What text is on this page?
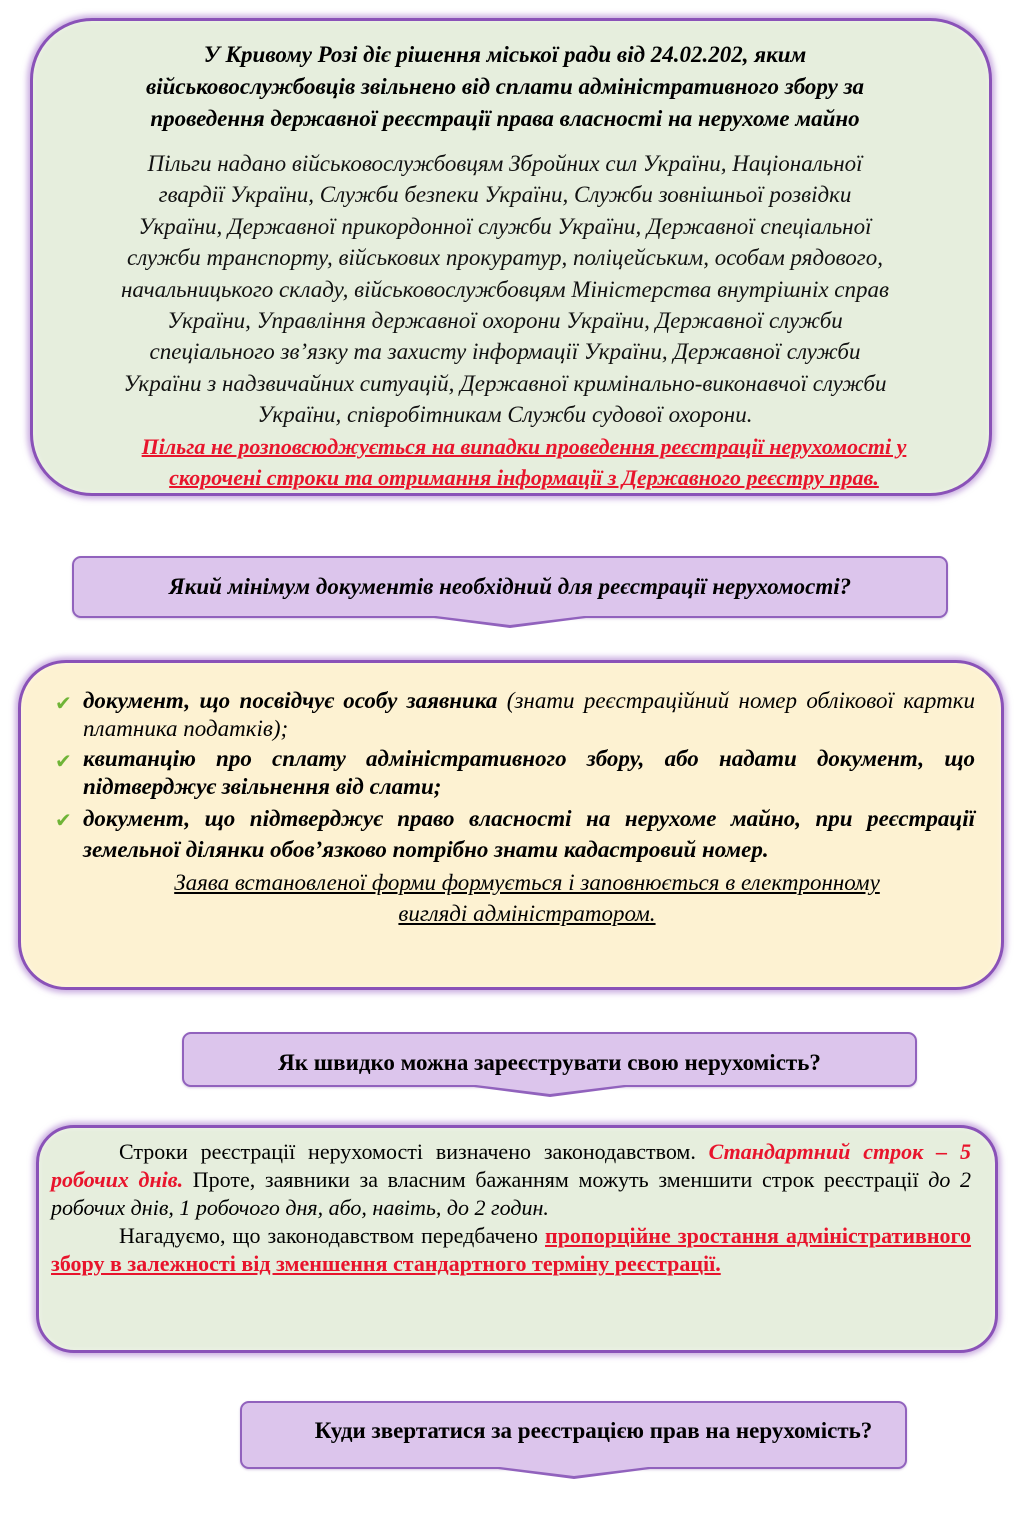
У Кривому Розі діє рішення міської ради від 24.02.202, яким
військовослужбовців звільнено від сплати адміністративного збору за
проведення державної реєстрації права власності на нерухоме майно

Пільги надано військовослужбовцям Збройних сил України, Національної
гвардії України, Служби безпеки України, Служби зовнішньої розвідки
України, Державної прикордонної служби України, Державної спеціальної
служби транспорту, військових прокуратур, поліцейським, особам рядового,
начальницького складу, військовослужбовцям Міністерства внутрішніх справ
України, Управління державної охорони України, Державної служби
спеціального зв’язку та захисту інформації України, Державної служби
України з надзвичайних ситуацій, Державної кримінально-виконавчої служби
України, співробітникам Служби судової охорони.

Пільга не розповсюджується на випадки проведення реєстрації нерухомості у
скорочені строки та отримання інформації з Державного реєстру прав.

Який мінімум документів необхідний для реєстрації нерухомості?
✔ документ, що посвідчує особу заявника (знати реєстраційний номер облікової картки платника податків);
✔ квитанцію про сплату адміністративного збору, або надати документ, що підтверджує звільнення від слати;
✔ документ, що підтверджує право власності на нерухоме майно, при реєстрації земельної ділянки обов’язково потрібно знати кадастровий номер.

Заява встановленої форми формується і заповнюється в електронному
вигляді адміністратором.

Як швидко можна зареєструвати свою нерухомість?

Строки реєстрації нерухомості визначено законодавством. Стандартний строк – 5 робочих днів. Проте, заявники за власним бажанням можуть зменшити строк реєстрації до 2 робочих днів, 1 робочого дня, або, навіть, до 2 годин.

Нагадуємо, що законодавством передбачено пропорційне зростання адміністративного збору в залежності від зменшення стандартного терміну реєстрації.

Куди звертатися за реєстрацією прав на нерухомість?
